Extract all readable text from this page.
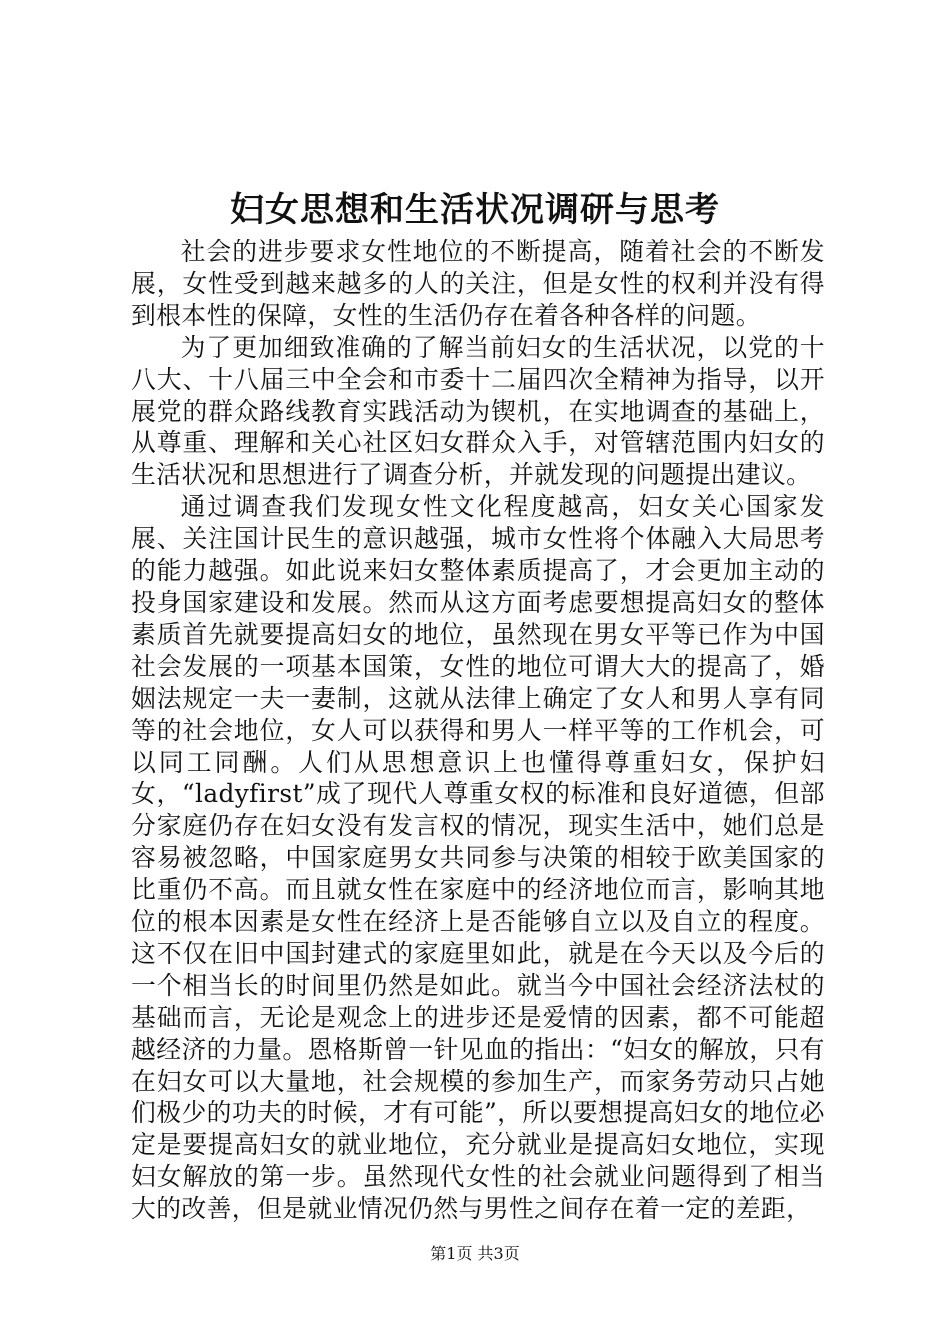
妇女思想和生活状况调研与思考

社会的进步要求女性地位的不断提高，随着社会的不断发展，女性受到越来越多的人的关注，但是女性的权利并没有得到根本性的保障，女性的生活仍存在着各种各样的问题。

为了更加细致准确的了解当前妇女的生活状况，以党的十八大、十八届三中全会和市委十二届四次全精神为指导，以开展党的群众路线教育实践活动为锲机，在实地调查的基础上，从尊重、理解和关心社区妇女群众入手，对管辖范围内妇女的生活状况和思想进行了调查分析，并就发现的问题提出建议。

通过调查我们发现女性文化程度越高，妇女关心国家发展、关注国计民生的意识越强，城市女性将个体融入大局思考的能力越强。如此说来妇女整体素质提高了，才会更加主动的投身国家建设和发展。然而从这方面考虑要想提高妇女的整体素质首先就要提高妇女的地位，虽然现在男女平等已作为中国社会发展的一项基本国策，女性的地位可谓大大的提高了，婚姻法规定一夫一妻制，这就从法律上确定了女人和男人享有同等的社会地位，女人可以获得和男人一样平等的工作机会，可以同工同酬。人们从思想意识上也懂得尊重妇女，保护妇女，“ladyfirst”成了现代人尊重女权的标准和良好道德，但部分家庭仍存在妇女没有发言权的情况，现实生活中，她们总是容易被忽略，中国家庭男女共同参与决策的相较于欧美国家的比重仍不高。而且就女性在家庭中的经济地位而言，影响其地位的根本因素是女性在经济上是否能够自立以及自立的程度。这不仅在旧中国封建式的家庭里如此，就是在今天以及今后的一个相当长的时间里仍然是如此。就当今中国社会经济法杖的基础而言，无论是观念上的进步还是爱情的因素，都不可能超越经济的力量。恩格斯曾一针见血的指出：“妇女的解放，只有在妇女可以大量地，社会规模的参加生产，而家务劳动只占她们极少的功夫的时候，才有可能”，所以要想提高妇女的地位必定是要提高妇女的就业地位，充分就业是提高妇女地位，实现妇女解放的第一步。虽然现代女性的社会就业问题得到了相当大的改善，但是就业情况仍然与男性之间存在着一定的差距，

第1页 共3页
